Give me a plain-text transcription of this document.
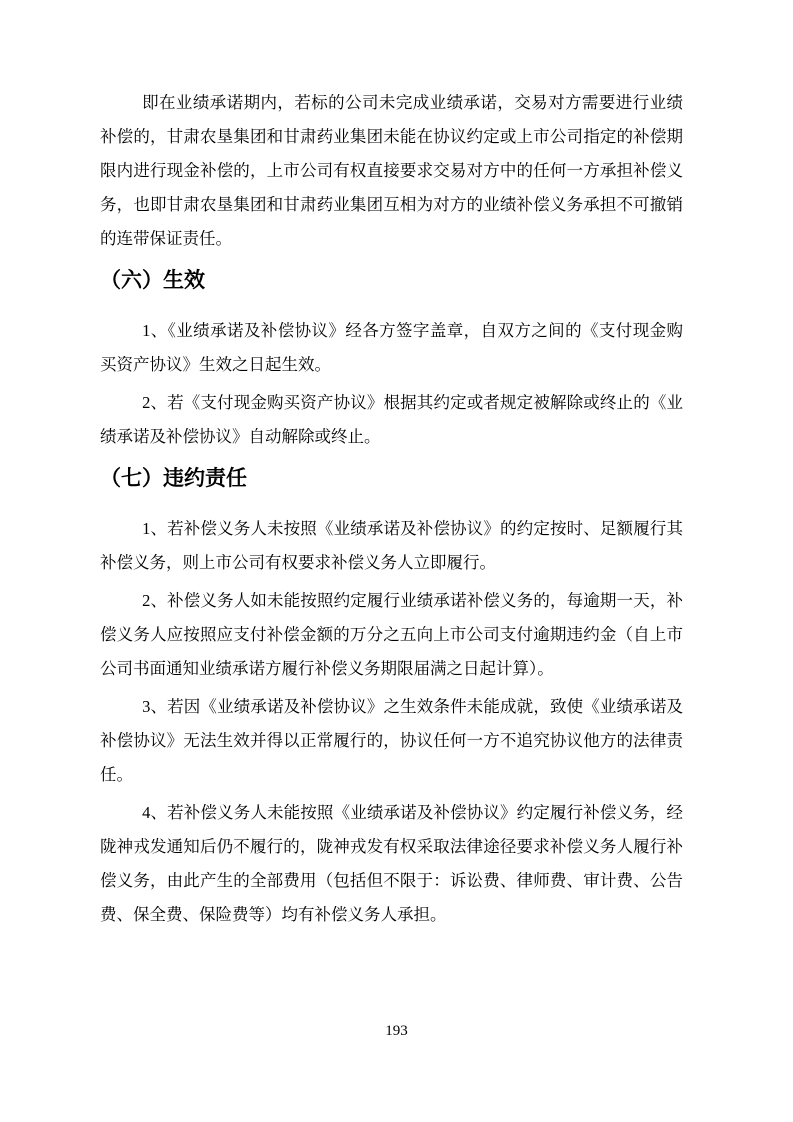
即在业绩承诺期内，若标的公司未完成业绩承诺，交易对方需要进行业绩补偿的，甘肃农垦集团和甘肃药业集团未能在协议约定或上市公司指定的补偿期限内进行现金补偿的，上市公司有权直接要求交易对方中的任何一方承担补偿义务，也即甘肃农垦集团和甘肃药业集团互相为对方的业绩补偿义务承担不可撤销的连带保证责任。

（六）生效

1、《业绩承诺及补偿协议》经各方签字盖章，自双方之间的《支付现金购买资产协议》生效之日起生效。

2、若《支付现金购买资产协议》根据其约定或者规定被解除或终止的《业绩承诺及补偿协议》自动解除或终止。

（七）违约责任

1、若补偿义务人未按照《业绩承诺及补偿协议》的约定按时、足额履行其补偿义务，则上市公司有权要求补偿义务人立即履行。

2、补偿义务人如未能按照约定履行业绩承诺补偿义务的，每逾期一天，补偿义务人应按照应支付补偿金额的万分之五向上市公司支付逾期违约金（自上市公司书面通知业绩承诺方履行补偿义务期限届满之日起计算）。

3、若因《业绩承诺及补偿协议》之生效条件未能成就，致使《业绩承诺及补偿协议》无法生效并得以正常履行的，协议任何一方不追究协议他方的法律责任。

4、若补偿义务人未能按照《业绩承诺及补偿协议》约定履行补偿义务，经陇神戎发通知后仍不履行的，陇神戎发有权采取法律途径要求补偿义务人履行补偿义务，由此产生的全部费用（包括但不限于：诉讼费、律师费、审计费、公告费、保全费、保险费等）均有补偿义务人承担。

193
